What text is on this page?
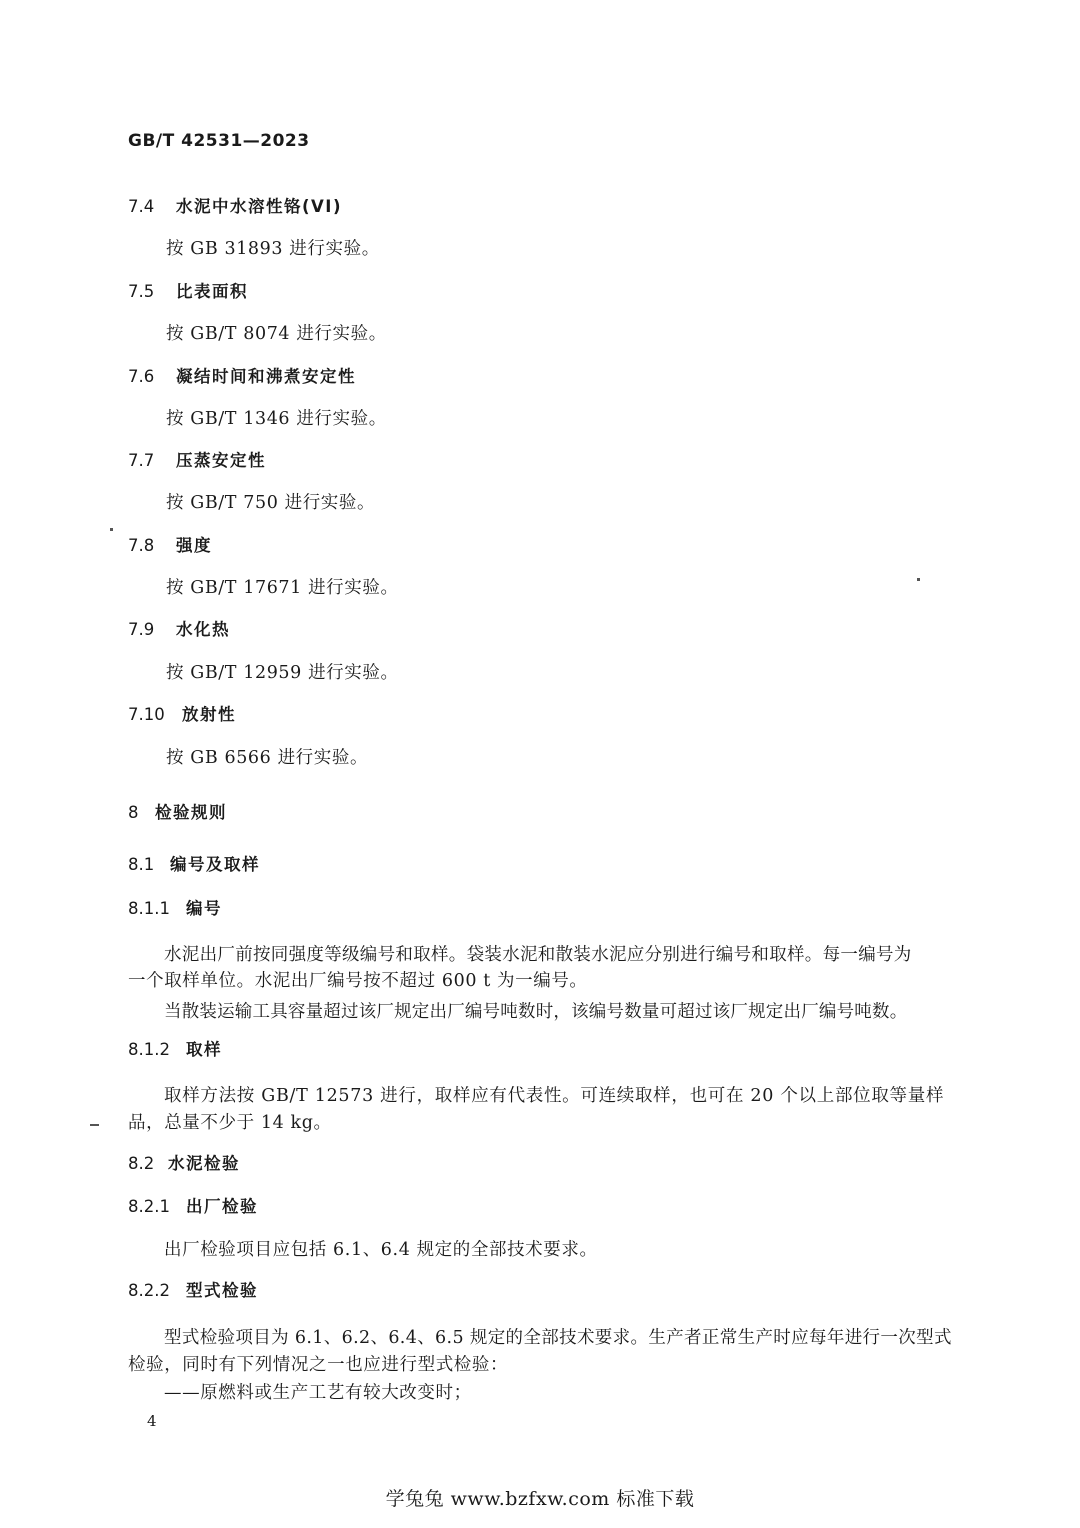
GB/T 42531—2023
7.4 水泥中水溶性铬(VI)
按 GB 31893 进行实验。
7.5 比表面积
按 GB/T 8074 进行实验。
7.6 凝结时间和沸煮安定性
按 GB/T 1346 进行实验。
7.7 压蒸安定性
按 GB/T 750 进行实验。
7.8 强度
按 GB/T 17671 进行实验。
7.9 水化热
按 GB/T 12959 进行实验。
7.10 放射性
按 GB 6566 进行实验。
8 检验规则
8.1 编号及取样
8.1.1 编号
水泥出厂前按同强度等级编号和取样。袋装水泥和散装水泥应分别进行编号和取样。每一编号为
一个取样单位。水泥出厂编号按不超过 600 t 为一编号。
当散装运输工具容量超过该厂规定出厂编号吨数时，该编号数量可超过该厂规定出厂编号吨数。
8.1.2 取样
取样方法按 GB/T 12573 进行，取样应有代表性。可连续取样，也可在 20 个以上部位取等量样
品，总量不少于 14 kg。
8.2 水泥检验
8.2.1 出厂检验
出厂检验项目应包括 6.1、6.4 规定的全部技术要求。
8.2.2 型式检验
型式检验项目为 6.1、6.2、6.4、6.5 规定的全部技术要求。生产者正常生产时应每年进行一次型式
检验，同时有下列情况之一也应进行型式检验：
——原燃料或生产工艺有较大改变时；
4
学兔兔 www.bzfxw.com 标准下载
